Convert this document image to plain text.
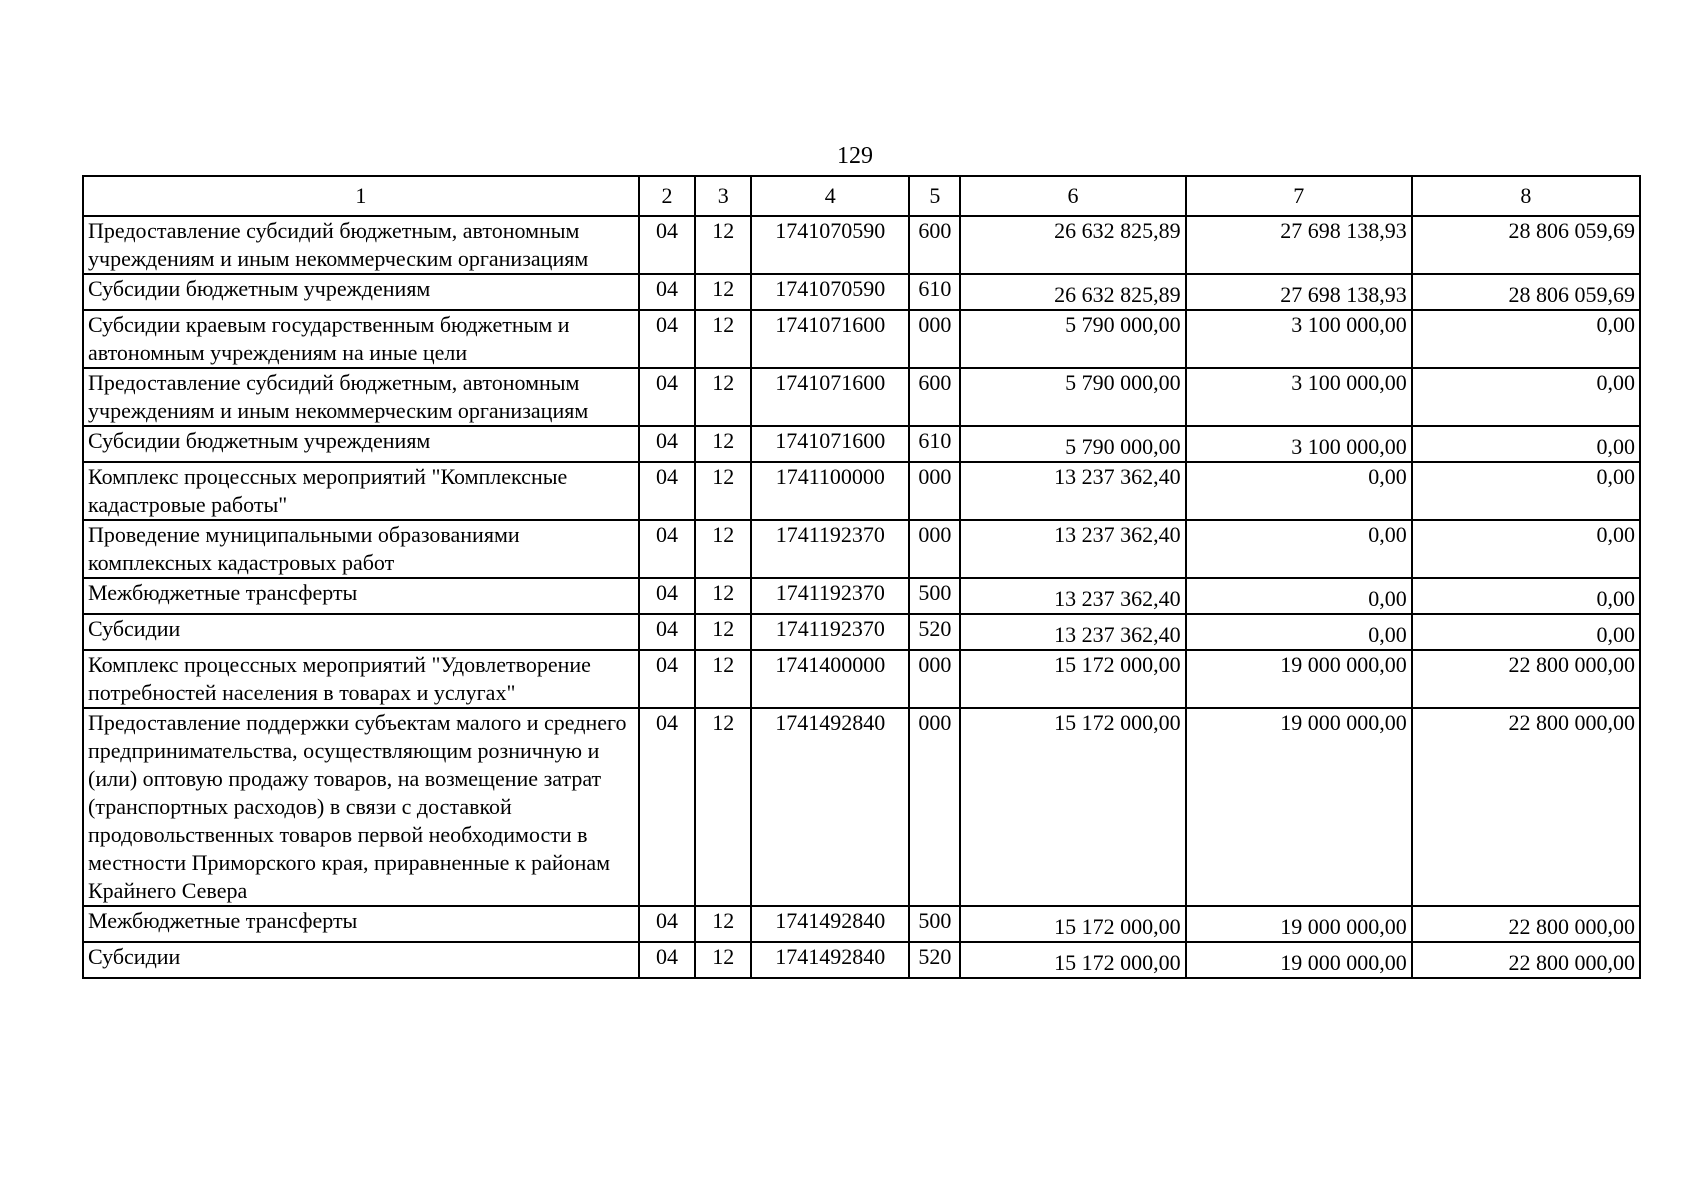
129
1	2	3	4	5	6	7	8
Предоставление субсидий бюджетным, автономным учреждениям и иным некоммерческим организациям	04	12	1741070590	600	26 632 825,89	27 698 138,93	28 806 059,69
Субсидии бюджетным учреждениям	04	12	1741070590	610	26 632 825,89	27 698 138,93	28 806 059,69
Субсидии краевым государственным бюджетным и автономным учреждениям на иные цели	04	12	1741071600	000	5 790 000,00	3 100 000,00	0,00
Предоставление субсидий бюджетным, автономным учреждениям и иным некоммерческим организациям	04	12	1741071600	600	5 790 000,00	3 100 000,00	0,00
Субсидии бюджетным учреждениям	04	12	1741071600	610	5 790 000,00	3 100 000,00	0,00
Комплекс процессных мероприятий "Комплексные кадастровые работы"	04	12	1741100000	000	13 237 362,40	0,00	0,00
Проведение муниципальными образованиями комплексных кадастровых работ	04	12	1741192370	000	13 237 362,40	0,00	0,00
Межбюджетные трансферты	04	12	1741192370	500	13 237 362,40	0,00	0,00
Субсидии	04	12	1741192370	520	13 237 362,40	0,00	0,00
Комплекс процессных мероприятий "Удовлетворение потребностей населения в товарах и услугах"	04	12	1741400000	000	15 172 000,00	19 000 000,00	22 800 000,00
Предоставление поддержки субъектам малого и среднего предпринимательства, осуществляющим розничную и (или) оптовую продажу товаров, на возмещение затрат (транспортных расходов) в связи с доставкой продовольственных товаров первой необходимости в местности Приморского края, приравненные к районам Крайнего Севера	04	12	1741492840	000	15 172 000,00	19 000 000,00	22 800 000,00
Межбюджетные трансферты	04	12	1741492840	500	15 172 000,00	19 000 000,00	22 800 000,00
Субсидии	04	12	1741492840	520	15 172 000,00	19 000 000,00	22 800 000,00
